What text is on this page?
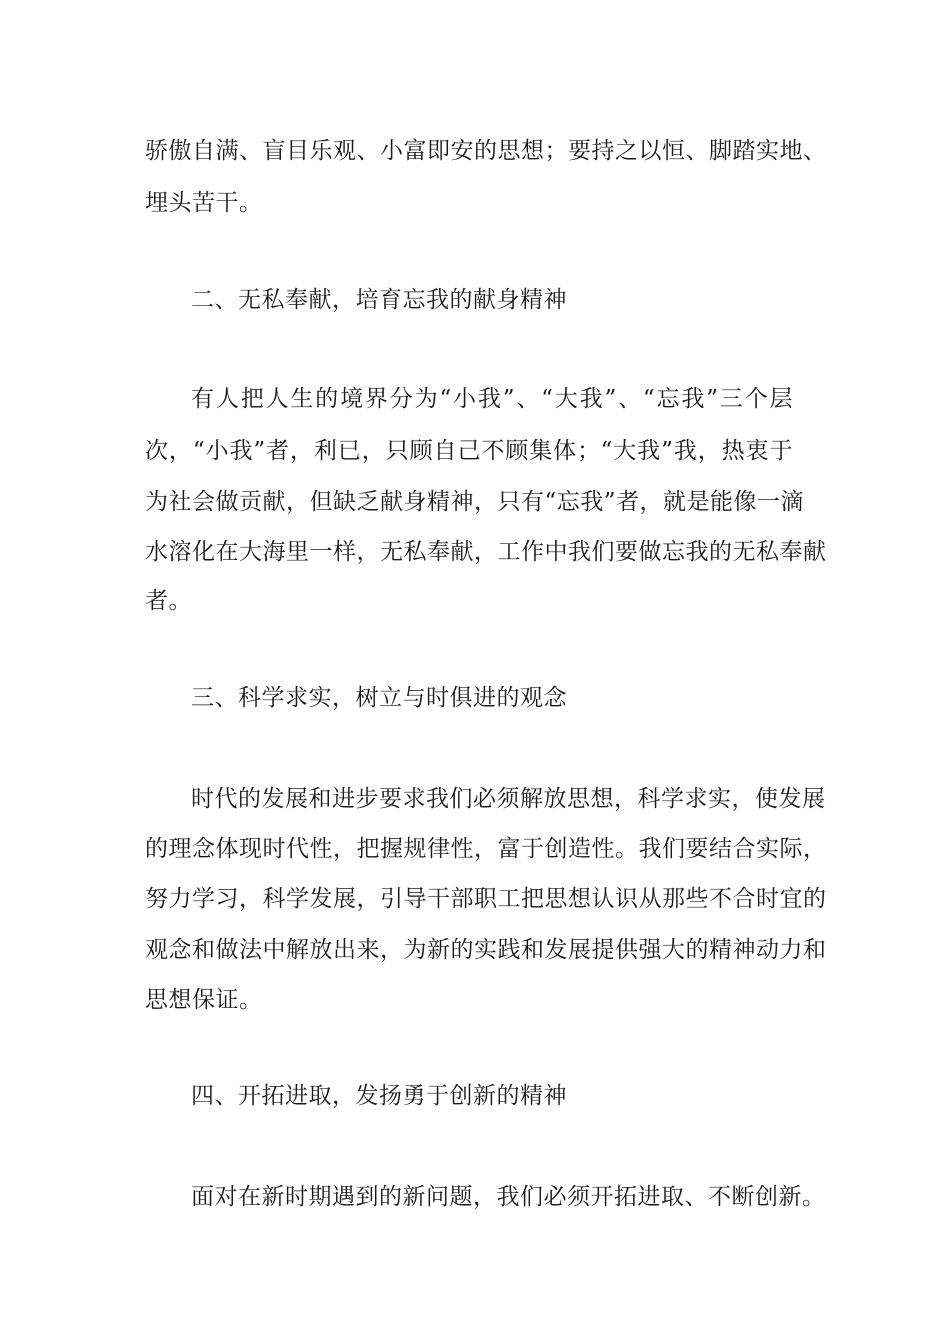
骄傲自满、盲目乐观、小富即安的思想；要持之以恒、脚踏实地、
埋头苦干。
二、无私奉献，培育忘我的献身精神
有人把人生的境界分为“小我”、“大我”、“忘我”三个层
次，“小我”者，利已，只顾自己不顾集体；“大我”我，热衷于
为社会做贡献，但缺乏献身精神，只有“忘我”者，就是能像一滴
水溶化在大海里一样，无私奉献，工作中我们要做忘我的无私奉献
者。
三、科学求实，树立与时俱进的观念
时代的发展和进步要求我们必须解放思想，科学求实，使发展
的理念体现时代性，把握规律性，富于创造性。我们要结合实际，
努力学习，科学发展，引导干部职工把思想认识从那些不合时宜的
观念和做法中解放出来，为新的实践和发展提供强大的精神动力和
思想保证。
四、开拓进取，发扬勇于创新的精神
面对在新时期遇到的新问题，我们必须开拓进取、不断创新。
